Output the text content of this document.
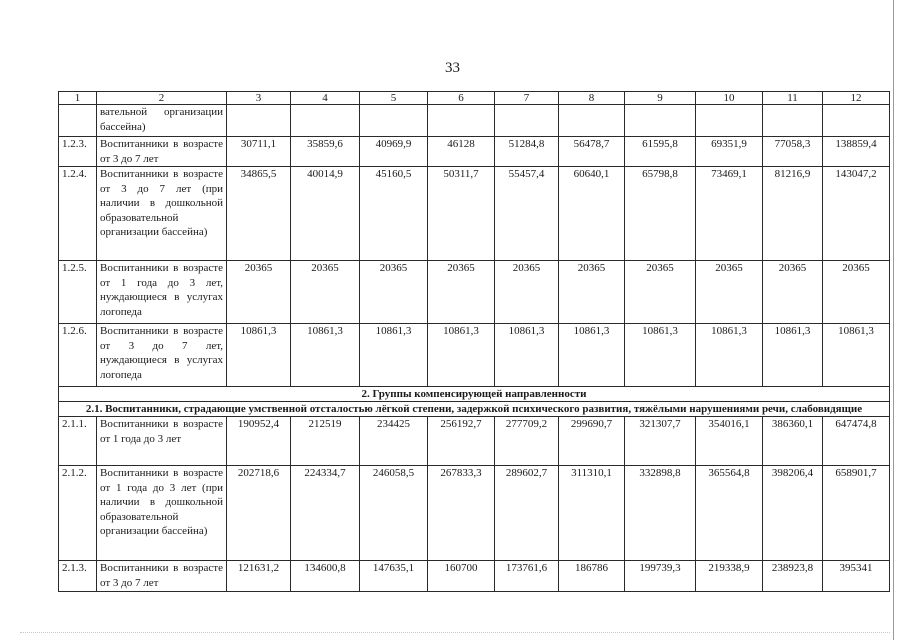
33
1	2	3	4	5	6	7	8	9	10	11	12
	вательной организации бассейна)										
1.2.3.	Воспитанники в возрасте от 3 до 7 лет	30711,1	35859,6	40969,9	46128	51284,8	56478,7	61595,8	69351,9	77058,3	138859,4
1.2.4.	Воспитанники в возрасте от 3 до 7 лет (при наличии в дошкольной образовательной организации бассейна)	34865,5	40014,9	45160,5	50311,7	55457,4	60640,1	65798,8	73469,1	81216,9	143047,2
1.2.5.	Воспитанники в возрасте от 1 года до 3 лет, нуждающиеся в услугах логопеда	20365	20365	20365	20365	20365	20365	20365	20365	20365	20365
1.2.6.	Воспитанники в возрасте от 3 до 7 лет, нуждающиеся в услугах логопеда	10861,3	10861,3	10861,3	10861,3	10861,3	10861,3	10861,3	10861,3	10861,3	10861,3
2. Группы компенсирующей направленности											
2.1. Воспитанники, страдающие умственной отсталостью лёгкой степени, задержкой психического развития, тяжёлыми нарушениями речи, слабовидящие											
2.1.1.	Воспитанники в возрасте от 1 года до 3 лет	190952,4	212519	234425	256192,7	277709,2	299690,7	321307,7	354016,1	386360,1	647474,8
2.1.2.	Воспитанники в возрасте от 1 года до 3 лет (при наличии в дошкольной образовательной организации бассейна)	202718,6	224334,7	246058,5	267833,3	289602,7	311310,1	332898,8	365564,8	398206,4	658901,7
2.1.3.	Воспитанники в возрасте от 3 до 7 лет	121631,2	134600,8	147635,1	160700	173761,6	186786	199739,3	219338,9	238923,8	395341
